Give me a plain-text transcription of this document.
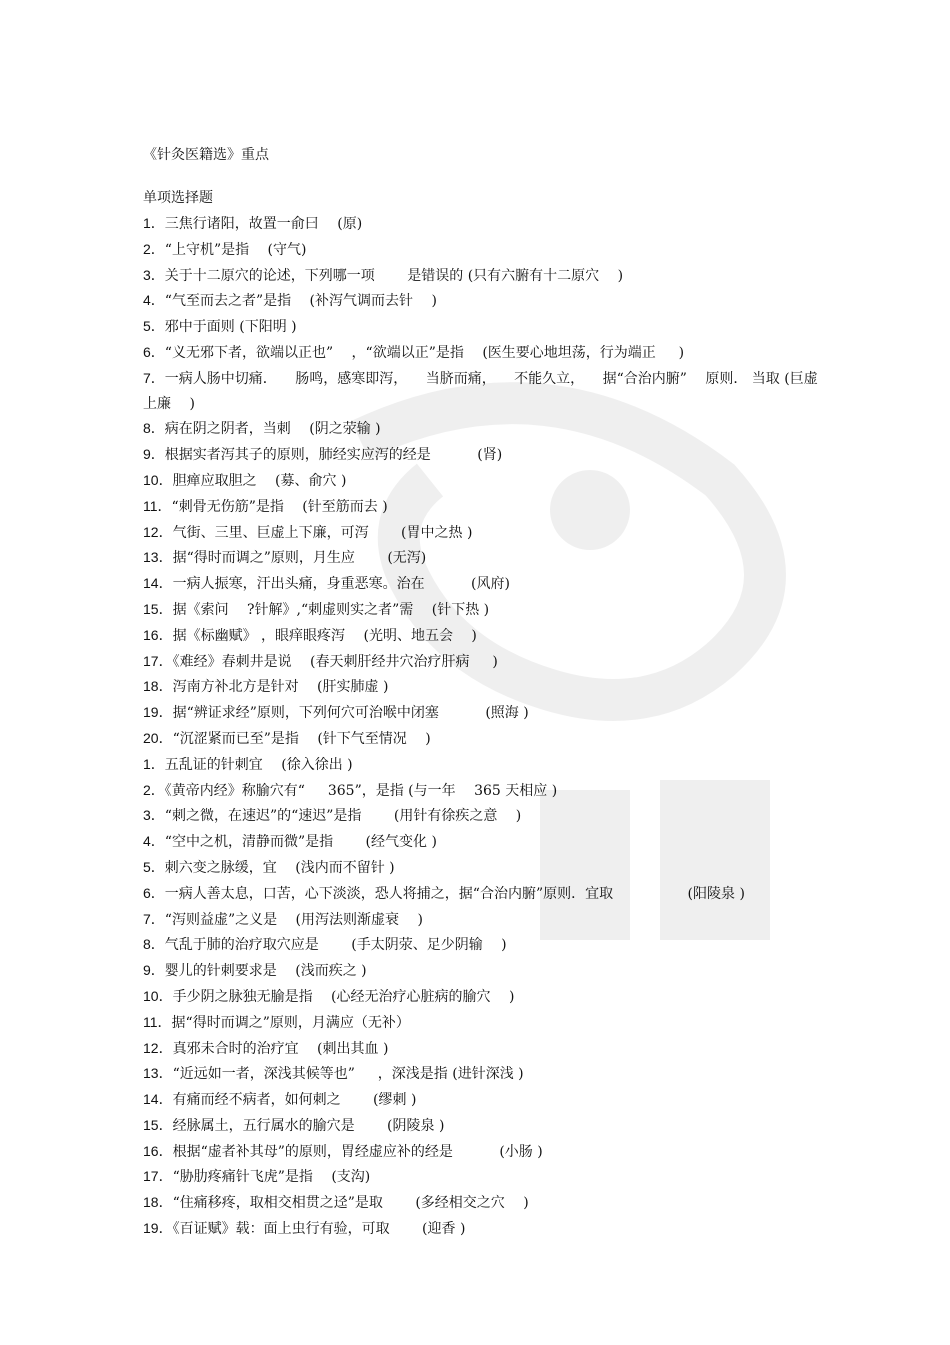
《针灸医籍选》重点

单项选择题

1．三焦行诸阳，故置一俞曰 　(原)

2．“上守机”是指 　(守气)

3．关于十二原穴的论述，下列哪一项 　　是错误的 (只有六腑有十二原穴 　)

4．“气至而去之者”是指 　(补泻气调而去针 　)

5．邪中于面则 (下阳明 )

6．“义无邪下者，欲端以正也” 　，“欲端以正”是指 　(医生要心地坦荡，行为端正 　 )

7．一病人肠中切痛． 　肠鸣，感寒即泻， 　当脐而痛， 　不能久立， 　据“合治内腑” 　原则． 当取 (巨虚上廉 　)

8．病在阴之阴者，当刺 　(阴之荥输 )

9．根据实者泻其子的原则，肺经实应泻的经是 　　　(肾)

10．胆瘅应取胆之 　(募、俞穴 )

11．“刺骨无伤筋”是指 　(针至筋而去 )

12．气街、三里、巨虚上下廉，可泻 　　(胃中之热 )

13．据“得时而调之”原则，月生应 　　(无泻)

14．一病人振寒，汗出头痛，身重恶寒。治在 　　　(风府)

15．据《索问 　?针解》,“刺虚则实之者”需 　(针下热 )

16．据《标幽赋》 ，眼痒眼疼泻 　(光明、地五会 　)

17．《难经》春刺井是说 　(春天刺肝经井穴治疗肝病 　 )

18．泻南方补北方是针对 　(肝实肺虚 )

19．据“辨证求经”原则，下列何穴可治喉中闭塞 　　　(照海 )

20．“沉涩紧而已至”是指 　(针下气至情况 　)

1．五乱证的针刺宜 　(徐入徐出 )

2．《黄帝内经》称腧穴有“ 　 365”，是指 (与一年 　365 天相应 )

3．“刺之微，在速迟”的“速迟”是指 　　(用针有徐疾之意 　)

4．“空中之机，清静而微”是指 　　(经气变化 )

5．刺六变之脉缓，宜 　(浅内而不留针 )

6．一病人善太息，口苦，心下淡淡，恐人将捕之，据“合治内腑”原则．宜取 　　　　　(阳陵泉 )

7．“泻则益虚”之义是 　(用泻法则渐虚衰 　)

8．气乱于肺的治疗取穴应是 　　(手太阴荥、足少阴输 　)

9．婴儿的针刺要求是 　(浅而疾之 )

10．手少阴之脉独无腧是指 　(心经无治疗心脏病的腧穴 　)

11．据“得时而调之”原则，月满应（无补）

12．真邪未合时的治疗宜 　(刺出其血 )

13．“近远如一者，深浅其候等也” 　 ，深浅是指 (进针深浅 )

14．有痛而经不病者，如何刺之 　　(缪刺 )

15．经脉属土，五行属水的腧穴是 　　(阴陵泉 )

16．根据“虚者补其母”的原则，胃经虚应补的经是 　　　(小肠 )

17．“胁肋疼痛针飞虎”是指 　(支沟)

18．“住痛移疼，取相交相贯之迳”是取 　　(多经相交之穴 　)

19．《百证赋》载：面上虫行有验，可取 　　(迎香 )
